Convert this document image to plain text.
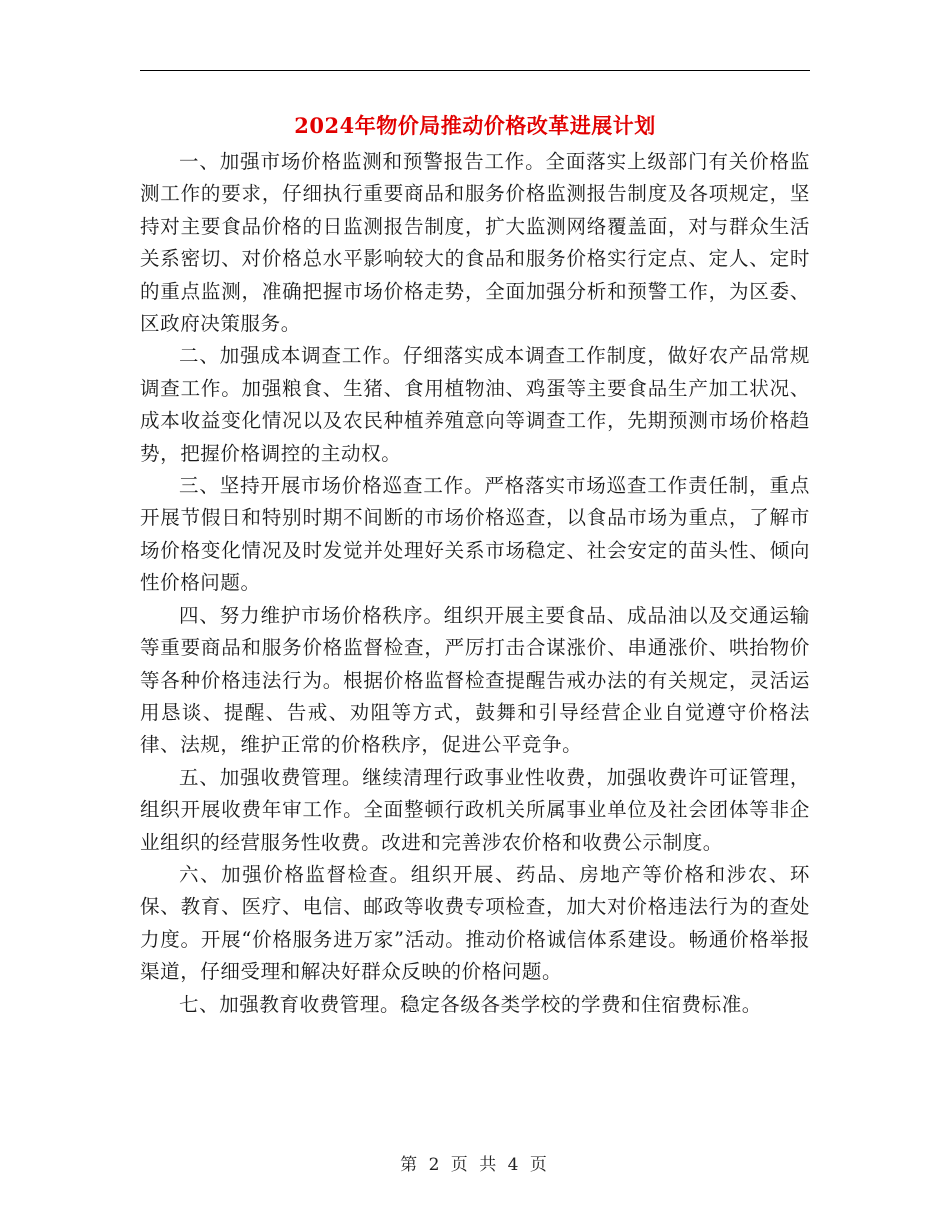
2024年物价局推动价格改革进展计划

一、加强市场价格监测和预警报告工作。全面落实上级部门有关价格监测工作的要求，仔细执行重要商品和服务价格监测报告制度及各项规定，坚持对主要食品价格的日监测报告制度，扩大监测网络覆盖面，对与群众生活关系密切、对价格总水平影响较大的食品和服务价格实行定点、定人、定时的重点监测，准确把握市场价格走势，全面加强分析和预警工作，为区委、区政府决策服务。

二、加强成本调查工作。仔细落实成本调查工作制度，做好农产品常规调查工作。加强粮食、生猪、食用植物油、鸡蛋等主要食品生产加工状况、成本收益变化情况以及农民种植养殖意向等调查工作，先期预测市场价格趋势，把握价格调控的主动权。

三、坚持开展市场价格巡查工作。严格落实市场巡查工作责任制，重点开展节假日和特别时期不间断的市场价格巡查，以食品市场为重点，了解市场价格变化情况及时发觉并处理好关系市场稳定、社会安定的苗头性、倾向性价格问题。

四、努力维护市场价格秩序。组织开展主要食品、成品油以及交通运输等重要商品和服务价格监督检查，严厉打击合谋涨价、串通涨价、哄抬物价等各种价格违法行为。根据价格监督检查提醒告戒办法的有关规定，灵活运用恳谈、提醒、告戒、劝阻等方式，鼓舞和引导经营企业自觉遵守价格法律、法规，维护正常的价格秩序，促进公平竞争。

五、加强收费管理。继续清理行政事业性收费，加强收费许可证管理，组织开展收费年审工作。全面整顿行政机关所属事业单位及社会团体等非企业组织的经营服务性收费。改进和完善涉农价格和收费公示制度。

六、加强价格监督检查。组织开展、药品、房地产等价格和涉农、环保、教育、医疗、电信、邮政等收费专项检查，加大对价格违法行为的查处力度。开展“价格服务进万家”活动。推动价格诚信体系建设。畅通价格举报渠道，仔细受理和解决好群众反映的价格问题。

七、加强教育收费管理。稳定各级各类学校的学费和住宿费标准。

第 2 页 共 4 页
